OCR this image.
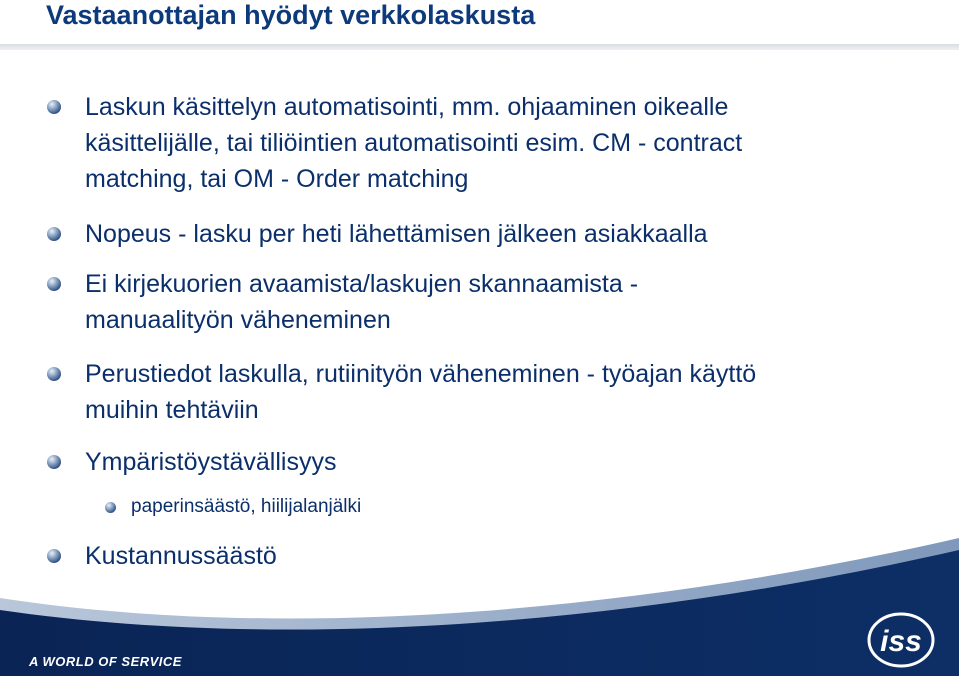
Vastaanottajan hyödyt verkkolaskusta
Laskun käsittelyn automatisointi, mm. ohjaaminen oikealle
käsittelijälle, tai tiliöintien automatisointi esim. CM - contract
matching, tai OM - Order matching
Nopeus - lasku per heti lähettämisen jälkeen asiakkaalla
Ei kirjekuorien avaamista/laskujen skannaamista -
manuaalityön väheneminen
Perustiedot laskulla, rutiinityön väheneminen - työajan käyttö
muihin tehtäviin
Ympäristöystävällisyys
paperinsäästö, hiilijalanjälki
Kustannussäästö
A WORLD OF SERVICE
iss
